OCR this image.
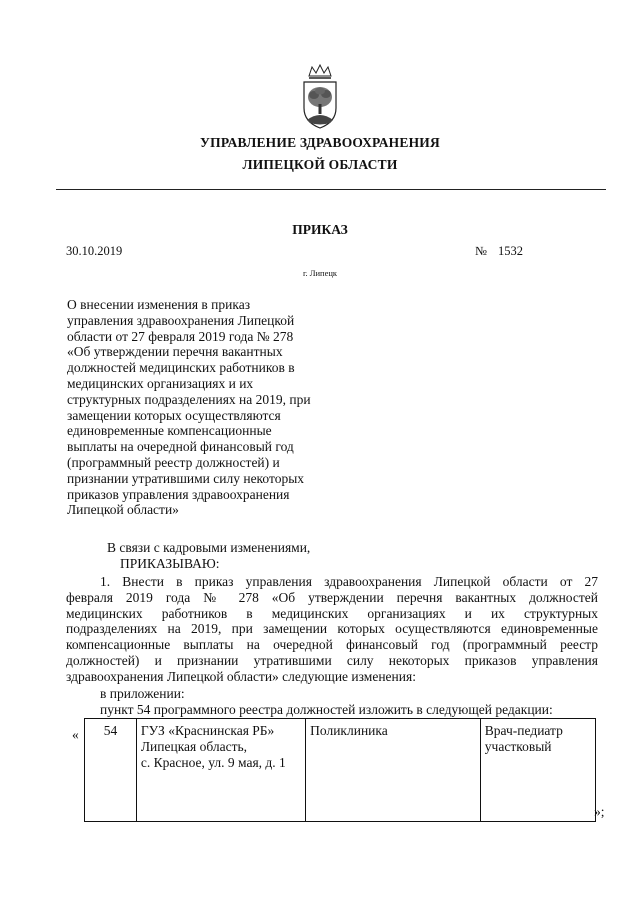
УПРАВЛЕНИЕ ЗДРАВООХРАНЕНИЯ
ЛИПЕЦКОЙ ОБЛАСТИ
ПРИКАЗ
30.10.2019	№ 1532
г. Липецк
О внесении изменения в приказ
управления здравоохранения Липецкой
области от 27 февраля 2019 года № 278
«Об утверждении перечня вакантных
должностей медицинских работников в
медицинских организациях и их
структурных подразделениях на 2019, при
замещении которых осуществляются
единовременные компенсационные
выплаты на очередной финансовый год
(программный реестр должностей) и
признании утратившими силу некоторых
приказов управления здравоохранения
Липецкой области»
В связи с кадровыми изменениями,
ПРИКАЗЫВАЮ:
1. Внести в приказ управления здравоохранения Липецкой области от 27
февраля 2019 года № 278 «Об утверждении перечня вакантных должностей
медицинских работников в медицинских организациях и их структурных
подразделениях на 2019, при замещении которых осуществляются единовременные
компенсационные выплаты на очередной финансовый год (программный реестр
должностей) и признании утратившими силу некоторых приказов управления
здравоохранения Липецкой области» следующие изменения:
в приложении:
пункт 54 программного реестра должностей изложить в следующей редакции:
« 54	ГУЗ «Краснинская РБ»
Липецкая область,
с. Красное, ул. 9 мая, д. 1
	Поликлиника	Врач-педиатр
участковый
»;
